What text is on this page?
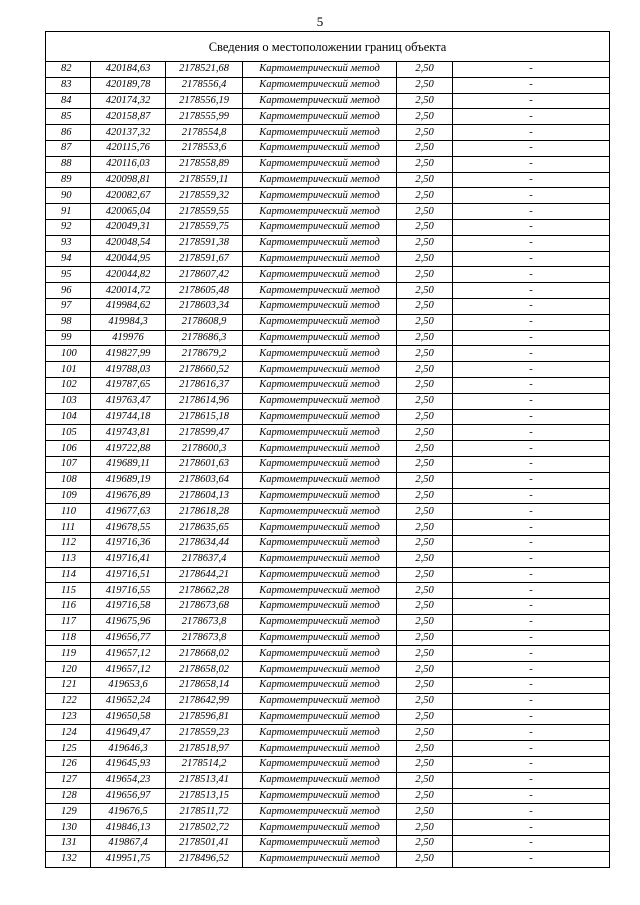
5
Сведения о местоположении границ объекта					
82	420184,63	2178521,68	Картометрический метод	2,50	-
83	420189,78	2178556,4	Картометрический метод	2,50	-
84	420174,32	2178556,19	Картометрический метод	2,50	-
85	420158,87	2178555,99	Картометрический метод	2,50	-
86	420137,32	2178554,8	Картометрический метод	2,50	-
87	420115,76	2178553,6	Картометрический метод	2,50	-
88	420116,03	2178558,89	Картометрический метод	2,50	-
89	420098,81	2178559,11	Картометрический метод	2,50	-
90	420082,67	2178559,32	Картометрический метод	2,50	-
91	420065,04	2178559,55	Картометрический метод	2,50	-
92	420049,31	2178559,75	Картометрический метод	2,50	-
93	420048,54	2178591,38	Картометрический метод	2,50	-
94	420044,95	2178591,67	Картометрический метод	2,50	-
95	420044,82	2178607,42	Картометрический метод	2,50	-
96	420014,72	2178605,48	Картометрический метод	2,50	-
97	419984,62	2178603,34	Картометрический метод	2,50	-
98	419984,3	2178608,9	Картометрический метод	2,50	-
99	419976	2178686,3	Картометрический метод	2,50	-
100	419827,99	2178679,2	Картометрический метод	2,50	-
101	419788,03	2178660,52	Картометрический метод	2,50	-
102	419787,65	2178616,37	Картометрический метод	2,50	-
103	419763,47	2178614,96	Картометрический метод	2,50	-
104	419744,18	2178615,18	Картометрический метод	2,50	-
105	419743,81	2178599,47	Картометрический метод	2,50	-
106	419722,88	2178600,3	Картометрический метод	2,50	-
107	419689,11	2178601,63	Картометрический метод	2,50	-
108	419689,19	2178603,64	Картометрический метод	2,50	-
109	419676,89	2178604,13	Картометрический метод	2,50	-
110	419677,63	2178618,28	Картометрический метод	2,50	-
111	419678,55	2178635,65	Картометрический метод	2,50	-
112	419716,36	2178634,44	Картометрический метод	2,50	-
113	419716,41	2178637,4	Картометрический метод	2,50	-
114	419716,51	2178644,21	Картометрический метод	2,50	-
115	419716,55	2178662,28	Картометрический метод	2,50	-
116	419716,58	2178673,68	Картометрический метод	2,50	-
117	419675,96	2178673,8	Картометрический метод	2,50	-
118	419656,77	2178673,8	Картометрический метод	2,50	-
119	419657,12	2178668,02	Картометрический метод	2,50	-
120	419657,12	2178658,02	Картометрический метод	2,50	-
121	419653,6	2178658,14	Картометрический метод	2,50	-
122	419652,24	2178642,99	Картометрический метод	2,50	-
123	419650,58	2178596,81	Картометрический метод	2,50	-
124	419649,47	2178559,23	Картометрический метод	2,50	-
125	419646,3	2178518,97	Картометрический метод	2,50	-
126	419645,93	2178514,2	Картометрический метод	2,50	-
127	419654,23	2178513,41	Картометрический метод	2,50	-
128	419656,97	2178513,15	Картометрический метод	2,50	-
129	419676,5	2178511,72	Картометрический метод	2,50	-
130	419846,13	2178502,72	Картометрический метод	2,50	-
131	419867,4	2178501,41	Картометрический метод	2,50	-
132	419951,75	2178496,52	Картометрический метод	2,50	-
